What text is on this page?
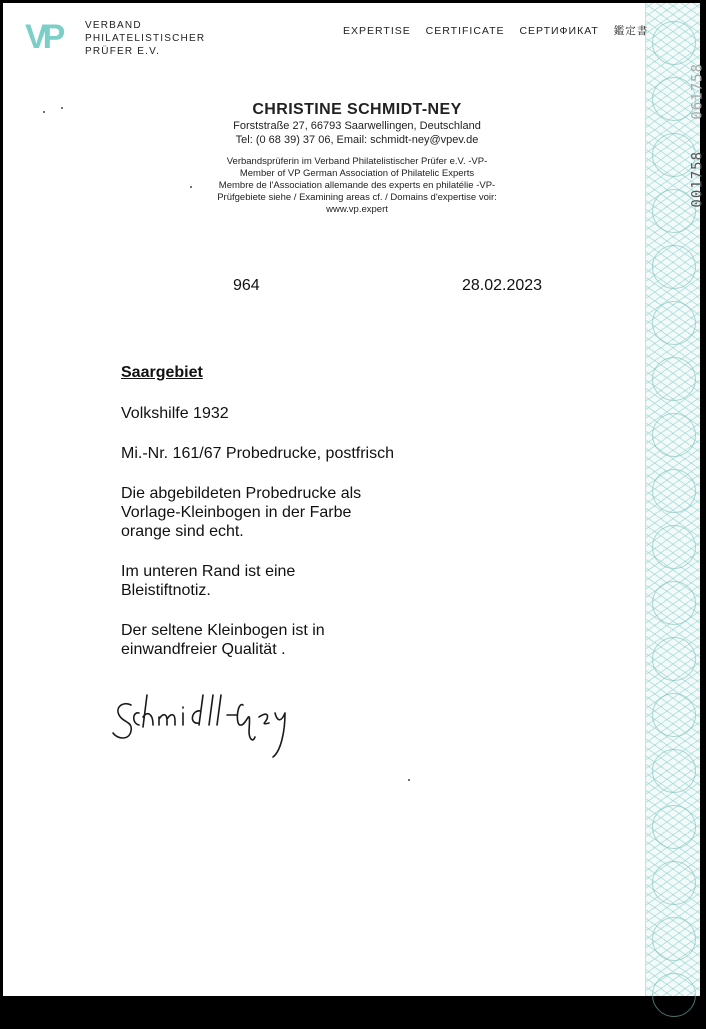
061758
001758
VP VERBAND
PHILATELISTISCHER
PRÜFER E.V.
EXPERTISE CERTIFICATE СЕРТИФИКАТ 鑑定書
CHRISTINE SCHMIDT-NEY
Forststraße 27, 66793 Saarwellingen, Deutschland
Tel: (0 68 39) 37 06, Email: schmidt-ney@vpev.de
Verbandsprüferin im Verband Philatelistischer Prüfer e.V. -VP-
Member of VP German Association of Philatelic Experts
Membre de l'Association allemande des experts en philatélie -VP-
Prüfgebiete siehe / Examining areas cf. / Domains d'expertise voir:
www.vp.expert
964	28.02.2023
Saargebiet
Volkshilfe 1932
Mi.-Nr. 161/67 Probedrucke, postfrisch
Die abgebildeten Probedrucke als
Vorlage-Kleinbogen in der Farbe
orange sind echt.
Im unteren Rand ist eine
Bleistiftnotiz.
Der seltene Kleinbogen ist in
einwandfreier Qualität .
